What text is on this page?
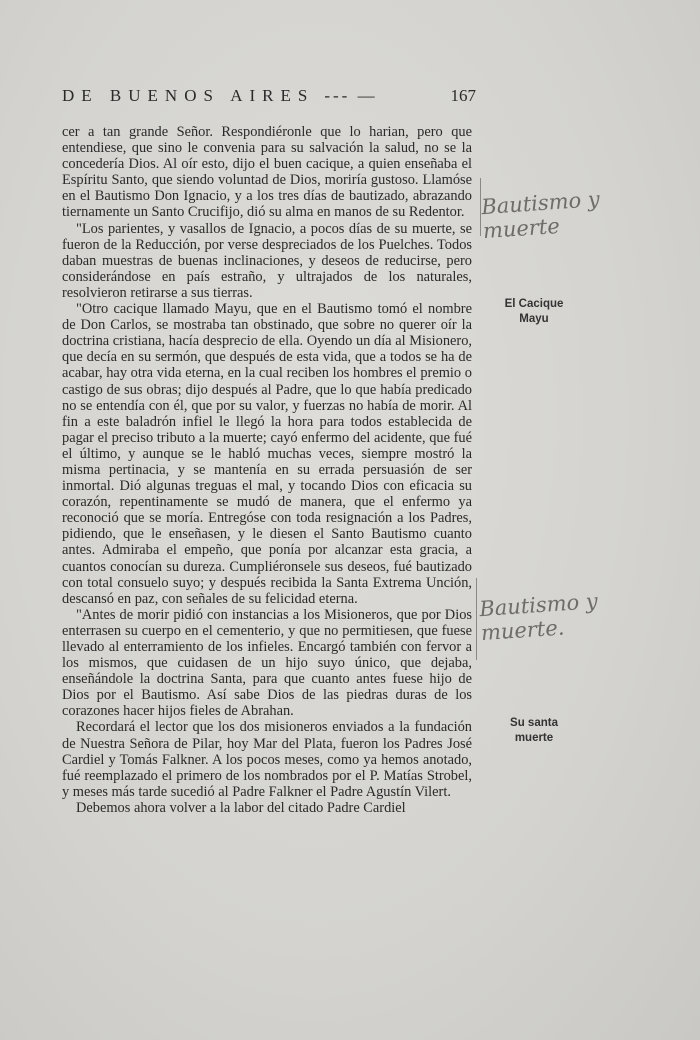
DE BUENOS AIRES --- —	167

cer a tan grande Señor. Respondiéronle que lo harian, pero que entendiese, que sino le convenia para su salvación la salud, no se la concedería Dios. Al oír esto, dijo el buen cacique, a quien enseñaba el Espíritu Santo, que siendo voluntad de Dios, moriría gustoso. Llamóse en el Bautismo Don Ignacio, y a los tres días de bautizado, abrazando tiernamente un Santo Crucifijo, dió su alma en manos de su Redentor.

"Los parientes, y vasallos de Ignacio, a pocos días de su muerte, se fueron de la Reducción, por verse despreciados de los Puelches. Todos daban muestras de buenas inclinaciones, y deseos de reducirse, pero considerándose en país estraño, y ultrajados de los naturales, resolvieron retirarse a sus tierras.

"Otro cacique llamado Mayu, que en el Bautismo tomó el nombre de Don Carlos, se mostraba tan obstinado, que sobre no querer oír la doctrina cristiana, hacía desprecio de ella. Oyendo un día al Misionero, que decía en su sermón, que después de esta vida, que a todos se ha de acabar, hay otra vida eterna, en la cual reciben los hombres el premio o castigo de sus obras; dijo después al Padre, que lo que había predicado no se entendía con él, que por su valor, y fuerzas no había de morir. Al fin a este baladrón infiel le llegó la hora para todos establecida de pagar el preciso tributo a la muerte; cayó enfermo del acidente, que fué el último, y aunque se le habló muchas veces, siempre mostró la misma pertinacia, y se mantenía en su errada persuasión de ser inmortal. Dió algunas treguas el mal, y tocando Dios con eficacia su corazón, repentinamente se mudó de manera, que el enfermo ya reconoció que se moría. Entregóse con toda resignación a los Padres, pidiendo, que le enseñasen, y le diesen el Santo Bautismo cuanto antes. Admiraba el empeño, que ponía por alcanzar esta gracia, a cuantos conocían su dureza. Cumpliéronsele sus deseos, fué bautizado con total consuelo suyo; y después recibida la Santa Extrema Unción, descansó en paz, con señales de su felicidad eterna.

"Antes de morir pidió con instancias a los Misioneros, que por Dios enterrasen su cuerpo en el cementerio, y que no permitiesen, que fuese llevado al enterramiento de los infieles. Encargó también con fervor a los mismos, que cuidasen de un hijo suyo único, que dejaba, enseñándole la doctrina Santa, para que cuanto antes fuese hijo de Dios por el Bautismo. Así sabe Dios de las piedras duras de los corazones hacer hijos fieles de Abrahan.

Recordará el lector que los dos misioneros enviados a la fundación de Nuestra Señora de Pilar, hoy Mar del Plata, fueron los Padres José Cardiel y Tomás Falkner. A los pocos meses, como ya hemos anotado, fué reemplazado el primero de los nombrados por el P. Matías Strobel, y meses más tarde sucedió al Padre Falkner el Padre Agustín Vilert.

Debemos ahora volver a la labor del citado Padre Cardiel

El Cacique Mayu
Su santa muerte
Bautismo y muerte
Bautismo y muerte.
